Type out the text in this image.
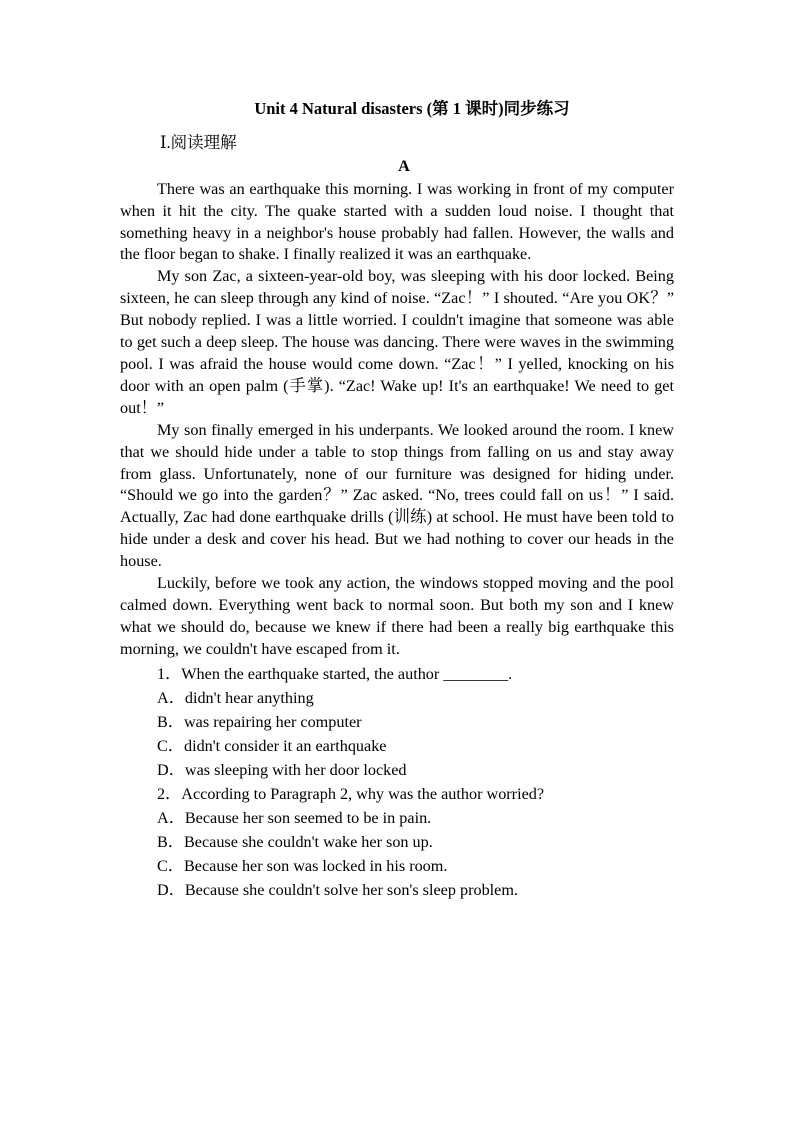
Unit 4 Natural disasters (第 1 课时)同步练习
Ⅰ.阅读理解
A

There was an earthquake this morning. I was working in front of my computer when it hit the city. The quake started with a sudden loud noise. I thought that something heavy in a neighbor's house probably had fallen. However, the walls and the floor began to shake. I finally realized it was an earthquake.

My son Zac, a sixteen-year-old boy, was sleeping with his door locked. Being sixteen, he can sleep through any kind of noise. “Zac！” I shouted. “Are you OK？” But nobody replied. I was a little worried. I couldn't imagine that someone was able to get such a deep sleep. The house was dancing. There were waves in the swimming pool. I was afraid the house would come down. “Zac！” I yelled, knocking on his door with an open palm (手掌). “Zac! Wake up! It's an earthquake! We need to get out！”

My son finally emerged in his underpants. We looked around the room. I knew that we should hide under a table to stop things from falling on us and stay away from glass. Unfortunately, none of our furniture was designed for hiding under. “Should we go into the garden？” Zac asked. “No, trees could fall on us！” I said. Actually, Zac had done earthquake drills (训练) at school. He must have been told to hide under a desk and cover his head. But we had nothing to cover our heads in the house.

Luckily, before we took any action, the windows stopped moving and the pool calmed down. Everything went back to normal soon. But both my son and I knew what we should do, because we knew if there had been a really big earthquake this morning, we couldn't have escaped from it.

1．When the earthquake started, the author ________.
A．didn't hear anything
B．was repairing her computer
C．didn't consider it an earthquake
D．was sleeping with her door locked
2．According to Paragraph 2, why was the author worried?
A．Because her son seemed to be in pain.
B．Because she couldn't wake her son up.
C．Because her son was locked in his room.
D．Because she couldn't solve her son's sleep problem.
